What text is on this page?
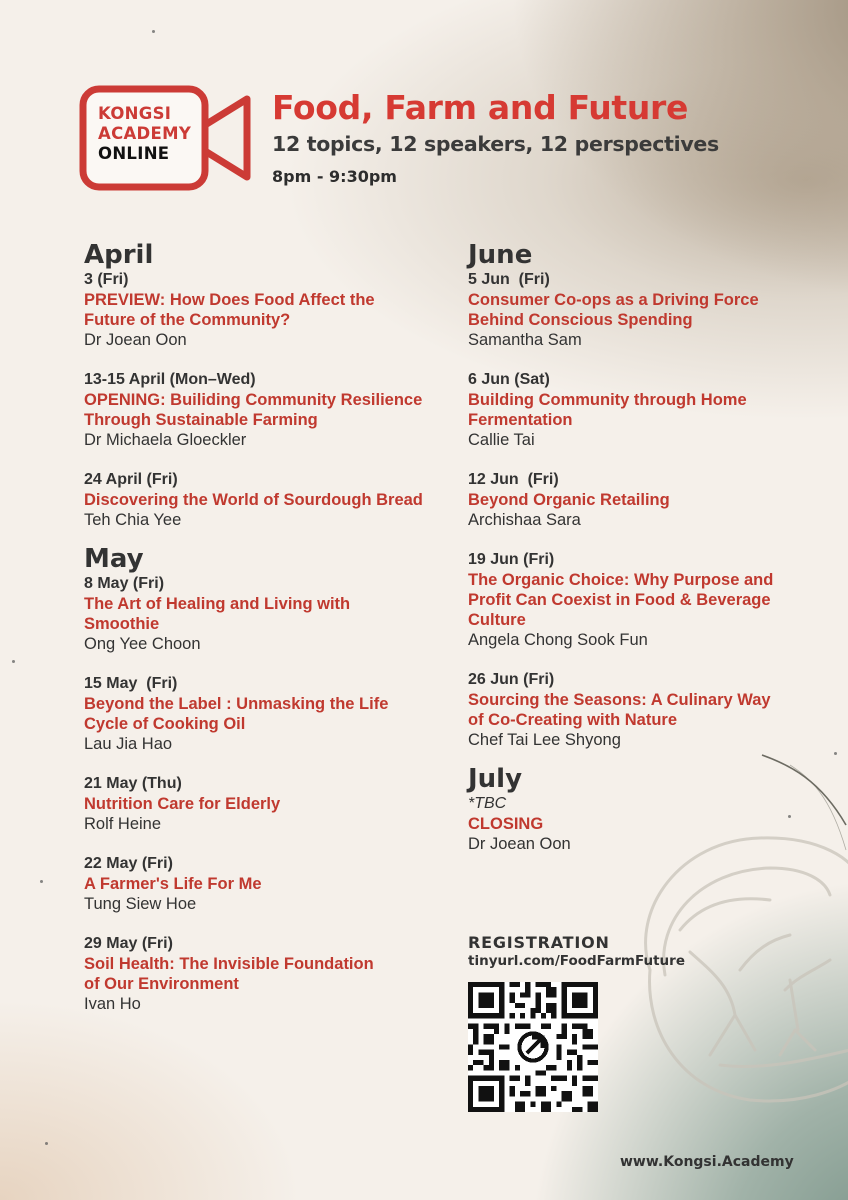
KONGSI
ACADEMY
ONLINE
Food, Farm and Future
12 topics, 12 speakers, 12 perspectives
8pm - 9:30pm
April
3 (Fri)
PREVIEW: How Does Food Affect the
Future of the Community?
Dr Joean Oon
13-15 April (Mon–Wed)
OPENING: Builiding Community Resilience
Through Sustainable Farming
Dr Michaela Gloeckler
24 April (Fri)
Discovering the World of Sourdough Bread
Teh Chia Yee
May
8 May (Fri)
The Art of Healing and Living with
Smoothie
Ong Yee Choon
15 May  (Fri)
Beyond the Label : Unmasking the Life
Cycle of Cooking Oil
Lau Jia Hao
21 May (Thu)
Nutrition Care for Elderly
Rolf Heine
22 May (Fri)
A Farmer's Life For Me
Tung Siew Hoe
29 May (Fri)
Soil Health: The Invisible Foundation
of Our Environment
Ivan Ho
June
5 Jun  (Fri)
Consumer Co-ops as a Driving Force
Behind Conscious Spending
Samantha Sam
6 Jun (Sat)
Building Community through Home
Fermentation
Callie Tai
12 Jun  (Fri)
Beyond Organic Retailing
Archishaa Sara
19 Jun (Fri)
The Organic Choice: Why Purpose and
Profit Can Coexist in Food & Beverage
Culture
Angela Chong Sook Fun
26 Jun (Fri)
Sourcing the Seasons: A Culinary Way
of Co-Creating with Nature
Chef Tai Lee Shyong
July
*TBC
CLOSING
Dr Joean Oon
REGISTRATION
tinyurl.com/FoodFarmFuture
www.Kongsi.Academy
